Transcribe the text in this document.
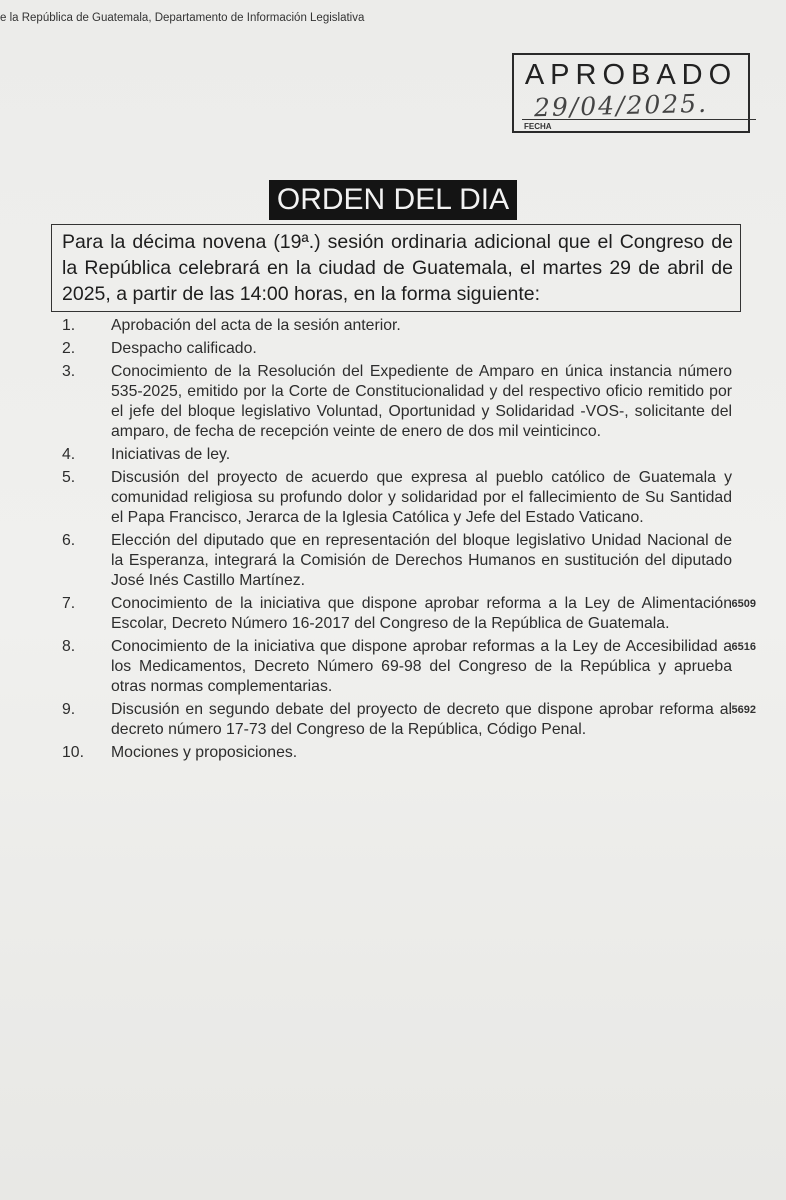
e la República de Guatemala, Departamento de Información Legislativa
APROBADO
29/04/2025.
FECHA
ORDEN DEL DIA
Para la décima novena (19ª.) sesión ordinaria adicional que el Congreso de la República celebrará en la ciudad de Guatemala, el martes 29 de abril de 2025, a partir de las 14:00 horas, en la forma siguiente:
1.	Aprobación del acta de la sesión anterior.
2.	Despacho calificado.
3.	Conocimiento de la Resolución del Expediente de Amparo en única instancia número 535-2025, emitido por la Corte de Constitucionalidad y del respectivo oficio remitido por el jefe del bloque legislativo Voluntad, Oportunidad y Solidaridad -VOS-, solicitante del amparo, de fecha de recepción veinte de enero de dos mil veinticinco.
4.	Iniciativas de ley.
5.	Discusión del proyecto de acuerdo que expresa al pueblo católico de Guatemala y comunidad religiosa su profundo dolor y solidaridad por el fallecimiento de Su Santidad el Papa Francisco, Jerarca de la Iglesia Católica y Jefe del Estado Vaticano.
6.	Elección del diputado que en representación del bloque legislativo Unidad Nacional de la Esperanza, integrará la Comisión de Derechos Humanos en sustitución del diputado José Inés Castillo Martínez.
7.	Conocimiento de la iniciativa que dispone aprobar reforma a la Ley de Alimentación Escolar, Decreto Número 16-2017 del Congreso de la República de Guatemala.
6509
8.	Conocimiento de la iniciativa que dispone aprobar reformas a la Ley de Accesibilidad a los Medicamentos, Decreto Número 69-98 del Congreso de la República y aprueba otras normas complementarias.
6516
9.	Discusión en segundo debate del proyecto de decreto que dispone aprobar reforma al decreto número 17-73 del Congreso de la República, Código Penal.
5692
10.	Mociones y proposiciones.
